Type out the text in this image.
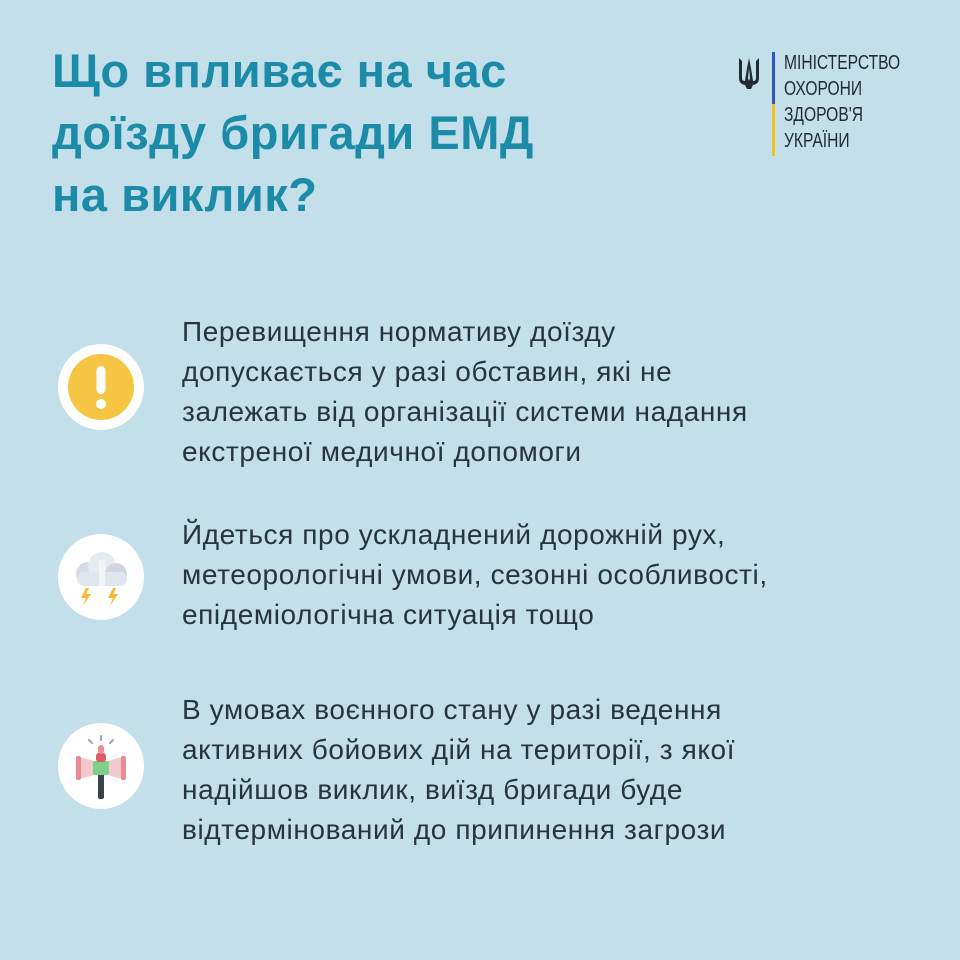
Що впливає на час
доїзду бригади ЕМД
на виклик?
МІНІСТЕРСТВО
ОХОРОНИ
ЗДОРОВ'Я
УКРАЇНИ
Перевищення нормативу доїзду
допускається у разі обставин, які не
залежать від організації системи надання
екстреної медичної допомоги
Йдеться про ускладнений дорожній рух,
метеорологічні умови, сезонні особливості,
епідеміологічна ситуація тощо
В умовах воєнного стану у разі ведення
активних бойових дій на території, з якої
надійшов виклик, виїзд бригади буде
відтермінований до припинення загрози
